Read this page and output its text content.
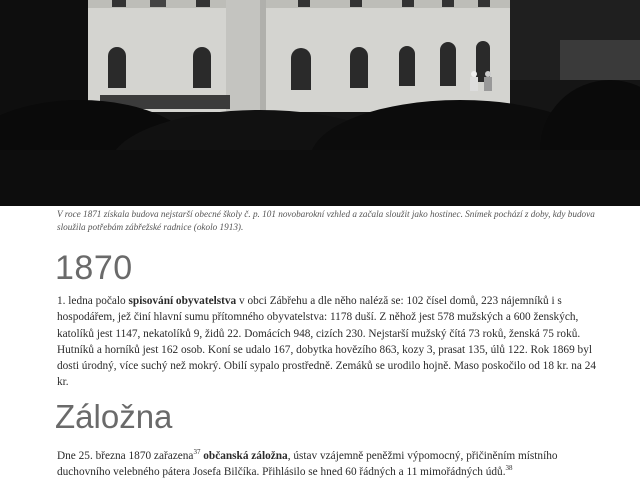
V roce 1871 získala budova nejstarší obecné školy č. p. 101 novobarokní vzhled a začala sloužit jako hostinec. Snímek pochází z doby, kdy budova sloužila potřebám zábřežské radnice (okolo 1913).
1870

1. ledna počalo spisování obyvatelstva v obci Zábřehu a dle něho naléză se: 102 čísel domů, 223 nájemníků i s hospodářem, jež činí hlavní sumu přítomného obyvatelstva: 1178 duší. Z něhož jest 578 mužských a 600 ženských, katolíků jest 1147, nekatolíků 9, židů 22. Domácích 948, cizích 230. Nejstarší mužský čítá 73 roků, ženská 75 roků. Hutníků a horníků jest 162 osob. Koní se udalo 167, dobytka hovězího 863, kozy 3, prasat 135, úlů 122. Rok 1869 byl dosti úrodný, více suchý než mokrý. Obilí sypalo prostředně. Zemáků se urodilo hojně. Maso poskočilo od 18 kr. na 24 kr.

Záložna

Dne 25. března 1870 zařazena$^{37}$ občanská záložna, ústav vzájemně peněžmi výpomocný, přičiněním místního duchovního velebného pátera Josefa Bilčíka. Přihlásilo se hned 60 řádných a 11 mimořádných údů.$^{38}$
